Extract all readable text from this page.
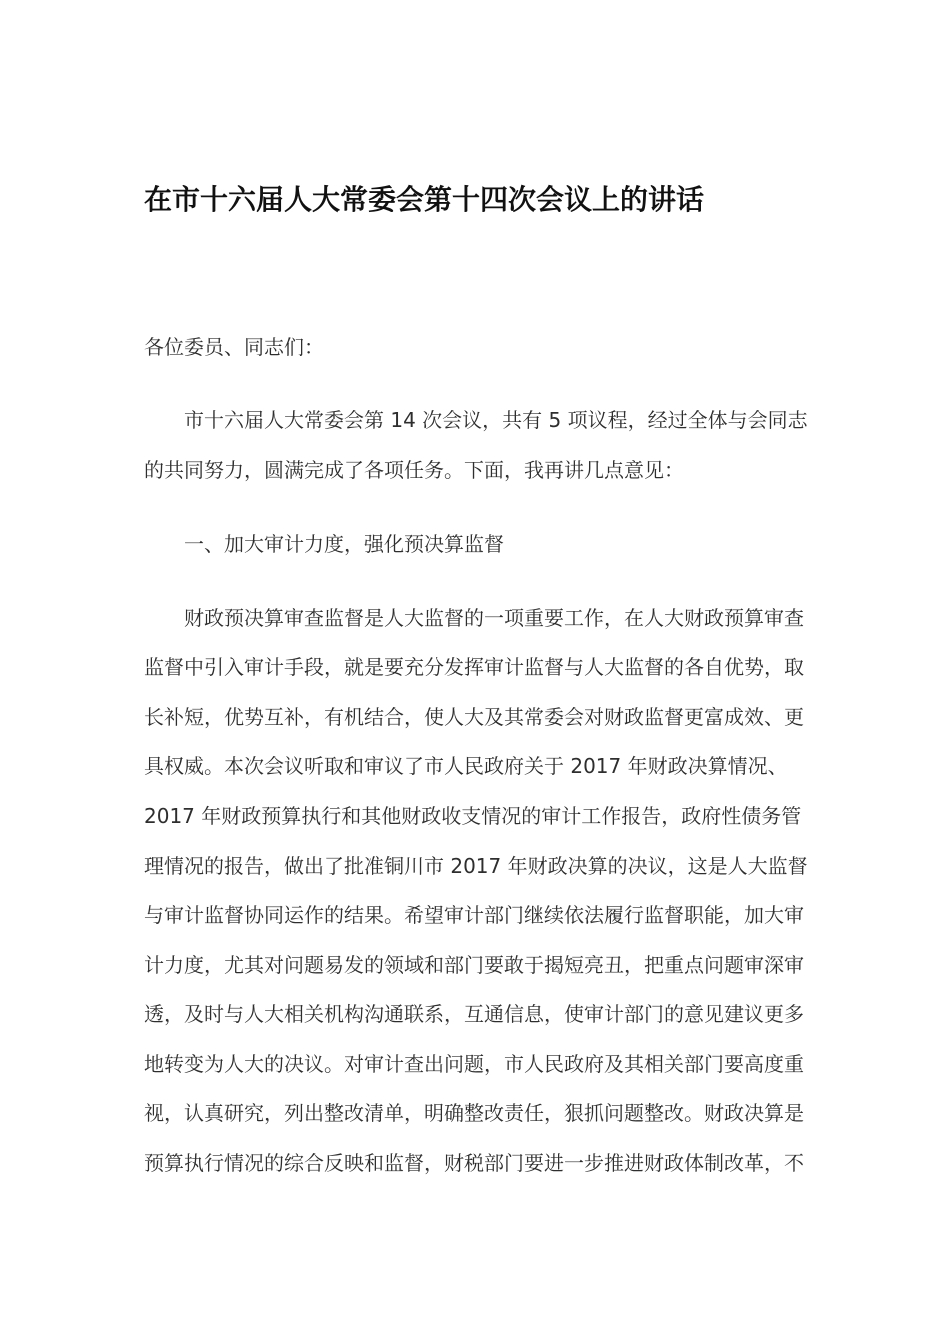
在市十六届人大常委会第十四次会议上的讲话
各位委员、同志们：
　　市十六届人大常委会第 14 次会议，共有 5 项议程，经过全体与会同志
的共同努力，圆满完成了各项任务。下面，我再讲几点意见：
　　一、加大审计力度，强化预决算监督
　　财政预决算审查监督是人大监督的一项重要工作，在人大财政预算审查
监督中引入审计手段，就是要充分发挥审计监督与人大监督的各自优势，取
长补短，优势互补，有机结合，使人大及其常委会对财政监督更富成效、更
具权威。本次会议听取和审议了市人民政府关于 2017 年财政决算情况、
2017 年财政预算执行和其他财政收支情况的审计工作报告，政府性债务管
理情况的报告，做出了批准铜川市 2017 年财政决算的决议，这是人大监督
与审计监督协同运作的结果。希望审计部门继续依法履行监督职能，加大审
计力度，尤其对问题易发的领域和部门要敢于揭短亮丑，把重点问题审深审
透，及时与人大相关机构沟通联系，互通信息，使审计部门的意见建议更多
地转变为人大的决议。对审计查出问题，市人民政府及其相关部门要高度重
视，认真研究，列出整改清单，明确整改责任，狠抓问题整改。财政决算是
预算执行情况的综合反映和监督，财税部门要进一步推进财政体制改革，不
